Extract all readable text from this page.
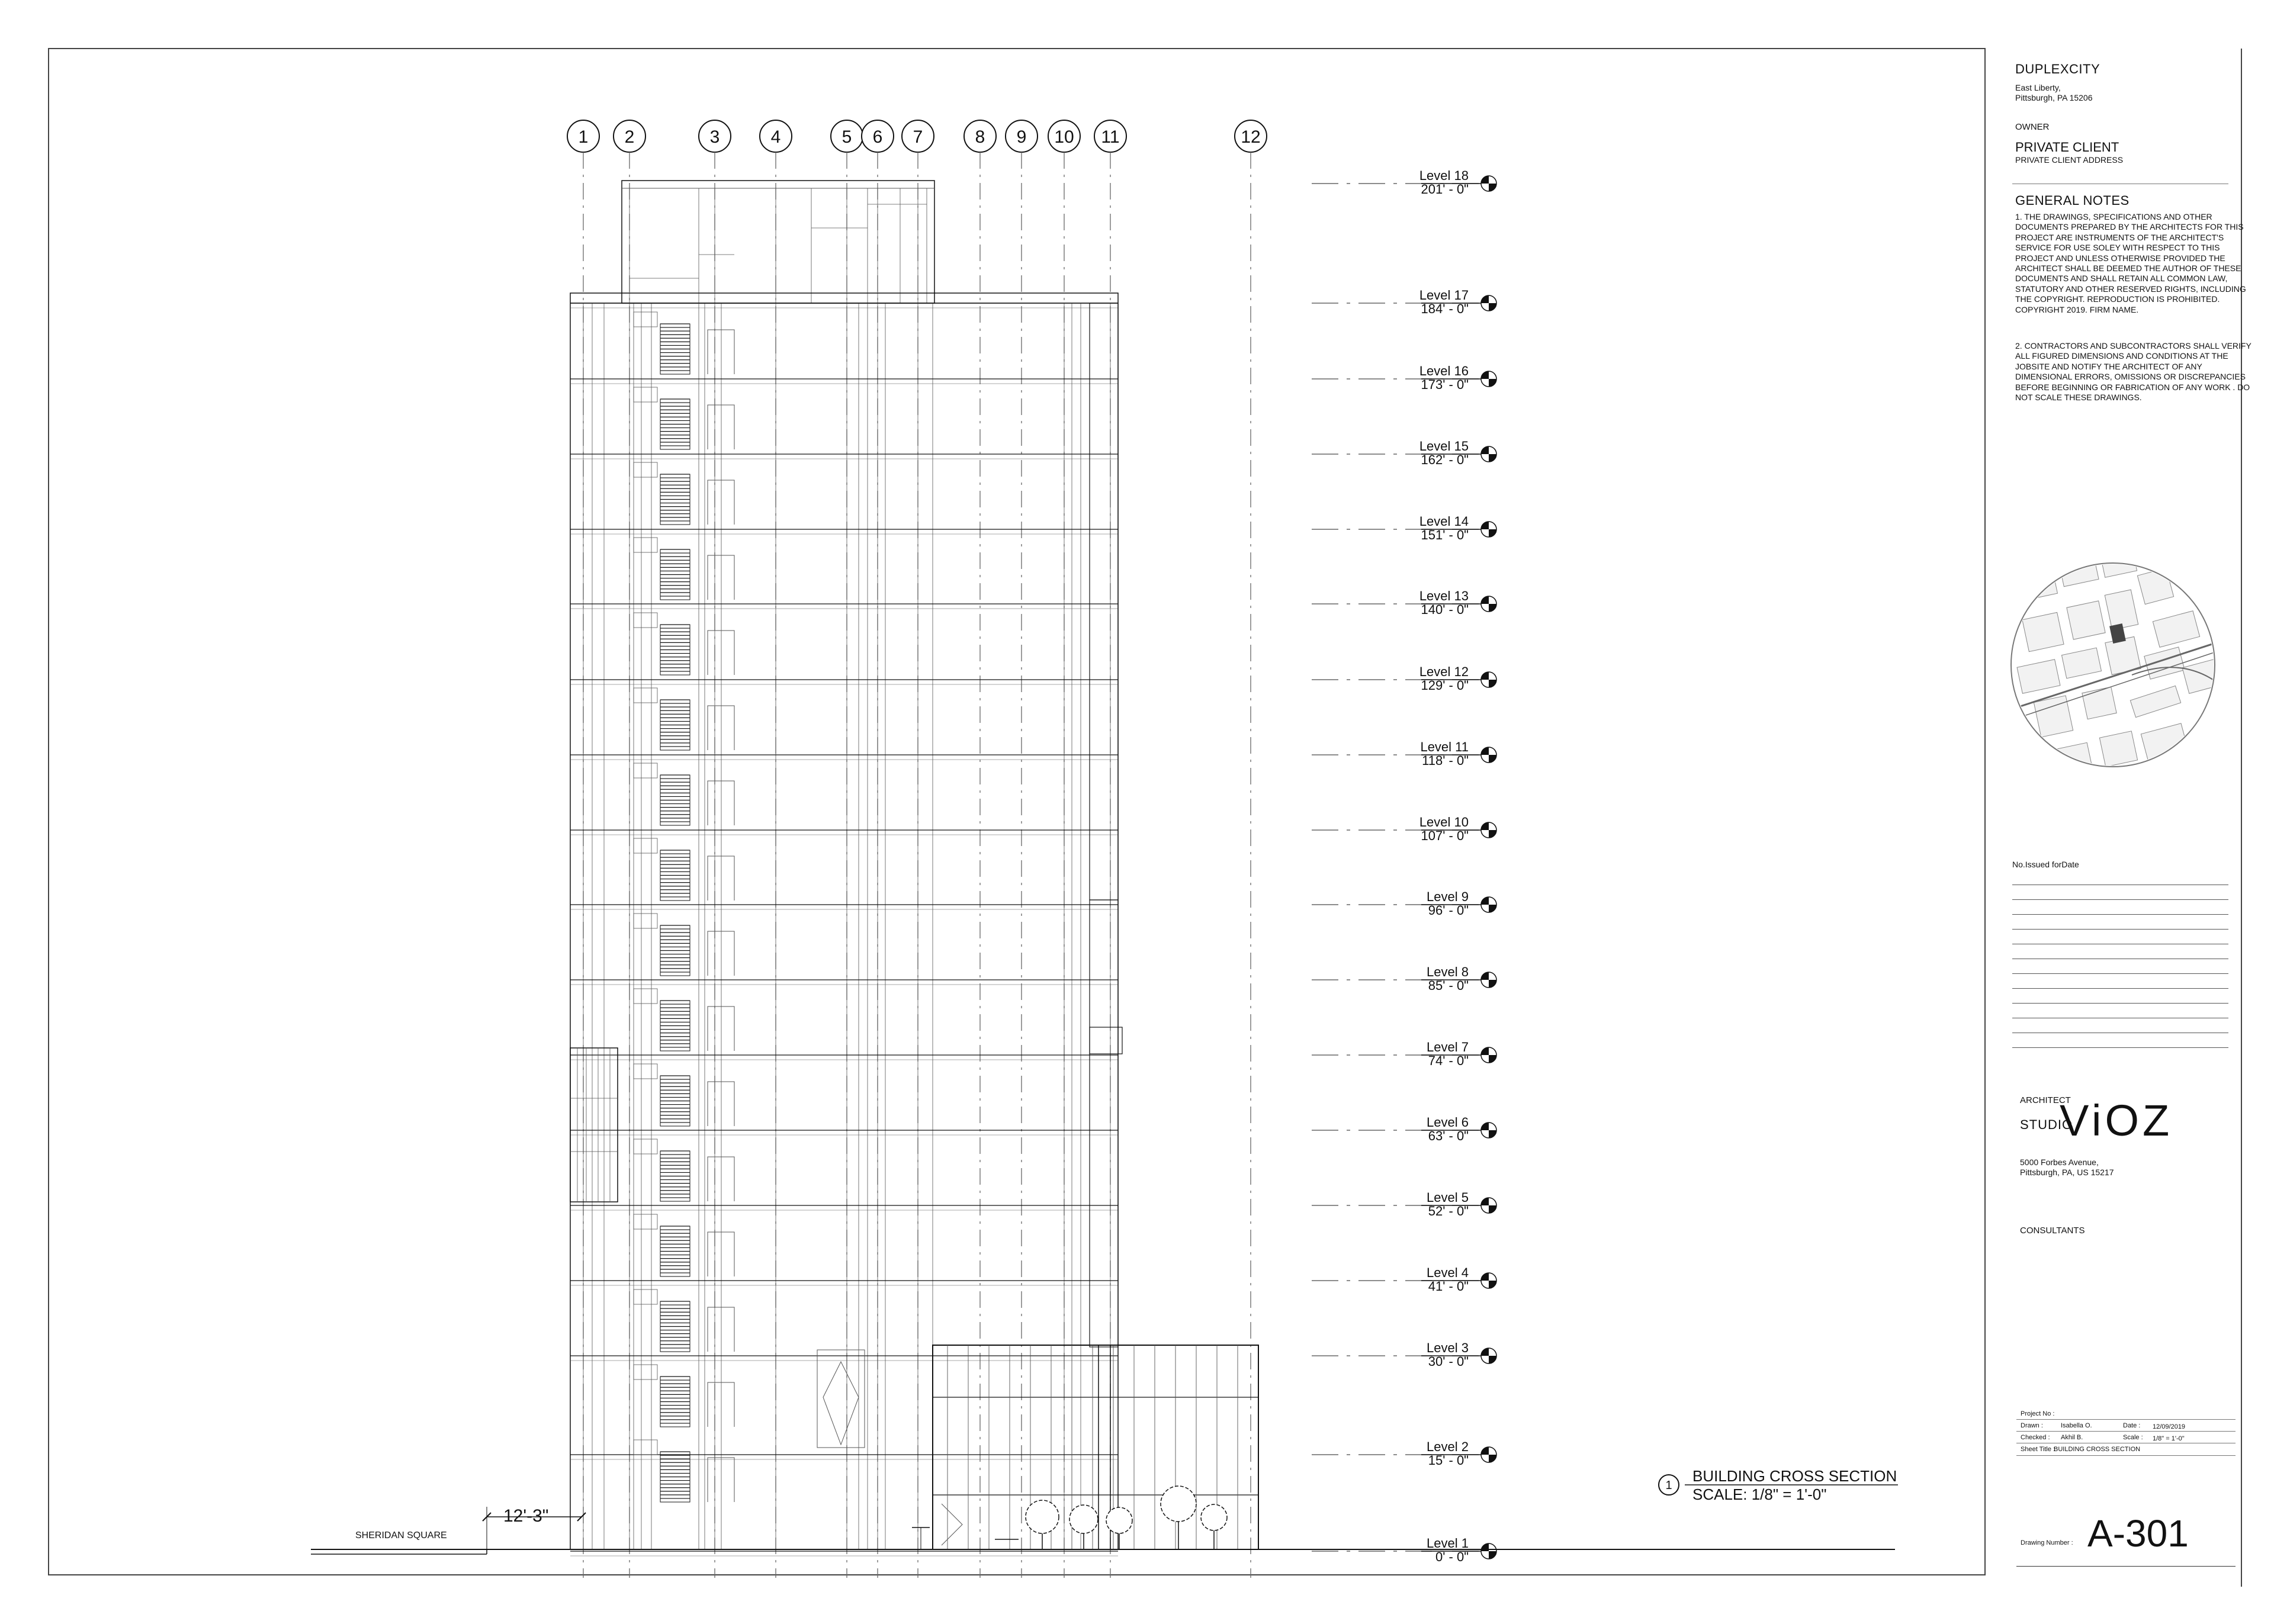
1 2	3	4	5 6 7	8 9 10 11	12
Level 18
201' - 0"
Level 17
184' - 0"
Level 16
173' - 0"
Level 15
162' - 0"
Level 14
151' - 0"
Level 13
140' - 0"
Level 12
129' - 0"
Level 11
118' - 0"
Level 10
107' - 0"
Level 9
96' - 0"
Level 8
85' - 0"
Level 7
74' - 0"
Level 6
63' - 0"
Level 5
52' - 0"
Level 4
41' - 0"
Level 3
30' - 0"
Level 2
15' - 0"
Level 1
0' - 0"
SHERIDAN SQUARE
12'-3"
1
BUILDING CROSS SECTION
SCALE: 1/8" = 1'-0"
DUPLEXCITY
East Liberty,
Pittsburgh, PA 15206
OWNER
PRIVATE CLIENT
PRIVATE CLIENT ADDRESS
GENERAL NOTES
1. THE DRAWINGS, SPECIFICATIONS AND OTHER DOCUMENTS PREPARED BY THE ARCHITECTS FOR THIS PROJECT ARE INSTRUMENTS OF THE ARCHITECT'S SERVICE FOR USE SOLEY WITH RESPECT TO THIS PROJECT AND UNLESS OTHERWISE PROVIDED THE ARCHITECT SHALL BE DEEMED THE AUTHOR OF THESE DOCUMENTS AND SHALL RETAIN ALL COMMON LAW, STATUTORY AND OTHER RESERVED RIGHTS, INCLUDING THE COPYRIGHT. REPRODUCTION IS PROHIBITED. COPYRIGHT 2019. FIRM NAME.
2. CONTRACTORS AND SUBCONTRACTORS SHALL VERIFY ALL FIGURED DIMENSIONS AND CONDITIONS AT THE JOBSITE AND NOTIFY THE ARCHITECT OF ANY DIMENSIONAL ERRORS, OMISSIONS OR DISCREPANCIES BEFORE BEGINNING OR FABRICATION OF ANY WORK . DO NOT SCALE THESE DRAWINGS.
No.Issued forDate

ARCHITECT
STUDIO
ViOZ
5000 Forbes Avenue,
Pittsburgh, PA, US 15217
CONSULTANTS
Project No :
Drawn :	Isabella O.	Date : 12/09/2019
Checked : Akhil B.	Scale : 1/8" = 1'-0"
Sheet Title :
BUILDING CROSS SECTION
Drawing Number : A-301
